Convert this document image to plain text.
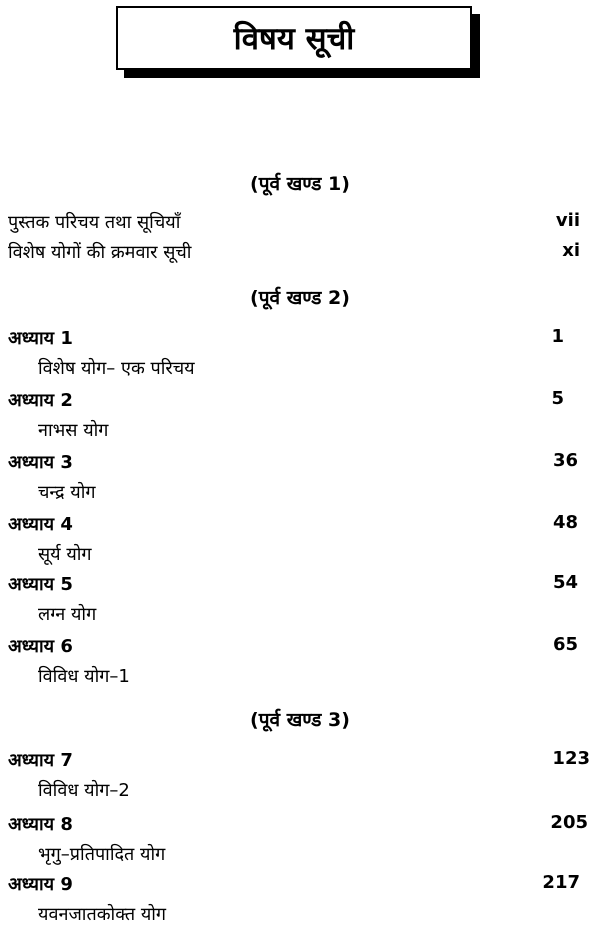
विषय सूची
(पूर्व खण्ड 1)
पुस्तक परिचय तथा सूचियाँ	vii
विशेष योगों की क्रमवार सूची	xi
(पूर्व खण्ड 2)
अध्याय 1	1
विशेष योग– एक परिचय
अध्याय 2	5
नाभस योग
अध्याय 3	36
चन्द्र योग
अध्याय 4	48
सूर्य योग
अध्याय 5	54
लग्न योग
अध्याय 6	65
विविध योग–1
(पूर्व खण्ड 3)
अध्याय 7	123
विविध योग–2
अध्याय 8	205
भृगु–प्रतिपादित योग
अध्याय 9	217
यवनजातकोक्त योग
